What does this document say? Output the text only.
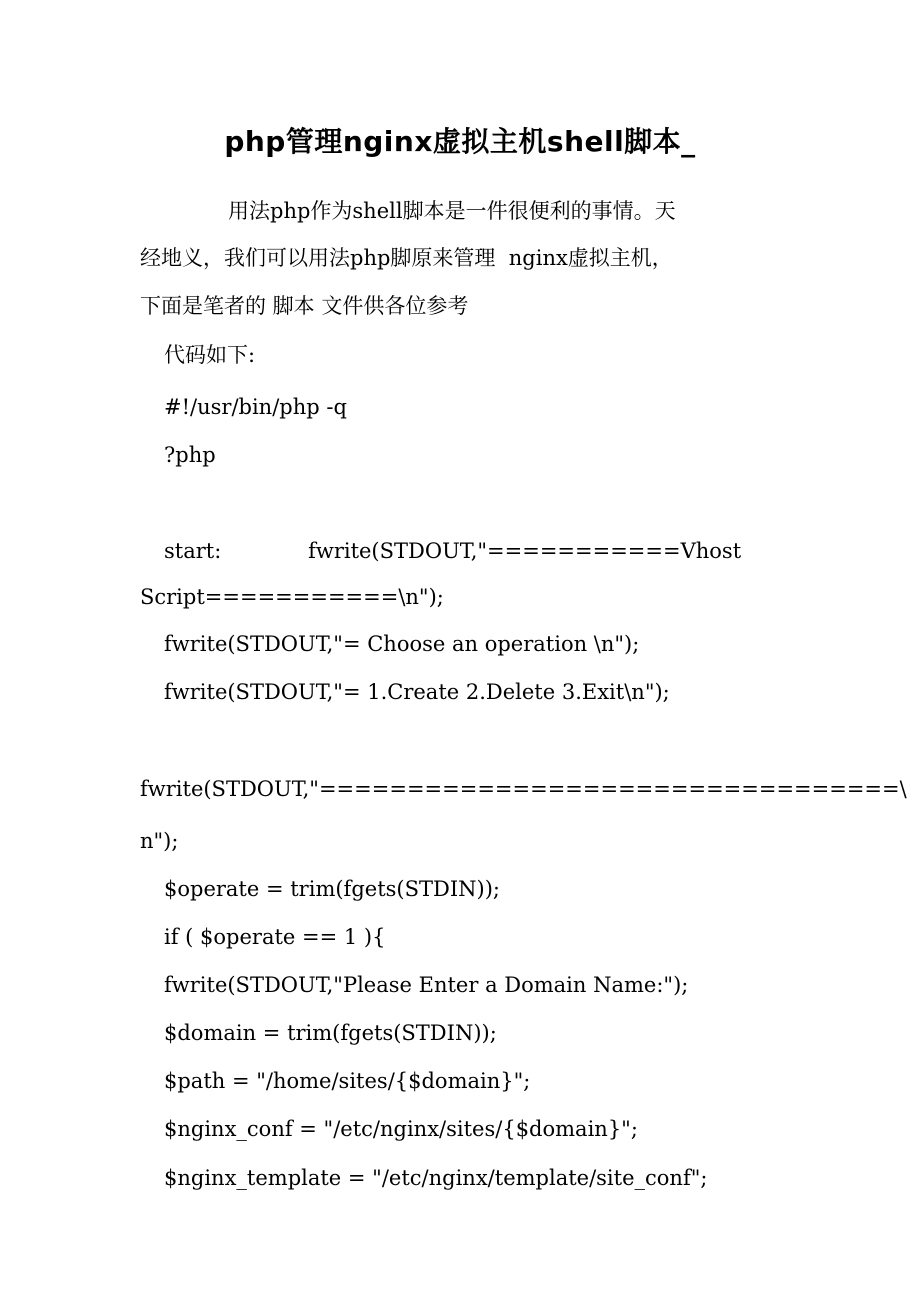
php管理nginx虚拟主机shell脚本_
用法php作为shell脚本是一件很便利的事情。天
经地义，我们可以用法php脚原来管理  nginx虚拟主机，
下面是笔者的 脚本 文件供各位参考
代码如下:
#!/usr/bin/php -q
?php
start:             fwrite(STDOUT,"===========Vhost
Script===========\n");
fwrite(STDOUT,"= Choose an operation \n");
fwrite(STDOUT,"= 1.Create 2.Delete 3.Exit\n");
fwrite(STDOUT,"=================================\
n");
$operate = trim(fgets(STDIN));
if ( $operate == 1 ){
fwrite(STDOUT,"Please Enter a Domain Name:");
$domain = trim(fgets(STDIN));
$path = "/home/sites/{$domain}";
$nginx_conf = "/etc/nginx/sites/{$domain}";
$nginx_template = "/etc/nginx/template/site_conf";
